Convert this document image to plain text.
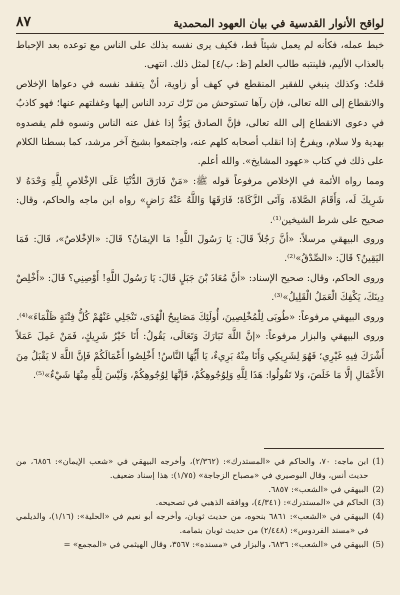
لواقح الأنوار القدسية في بيان العهود المحمدية
٨٧

خبط عمله، فكأنه لم يعمل شيئاً قط، فكيف يرى نفسه بذلك على الناس مع توعده بعد الإحباط بالعذاب الأليم، فلينتبه طالب العلم [ظ: ب/٤] لمثل ذلك. انتهى.

قلتُ: وكذلك ينبغي للفقير المنقطع في كهف أو زاوية، أنْ يتفقد نفسه في دعواها الإخلاص والانقطاع إلى الله تعالى، فإن رآها تستوحش من تَرْك تردد الناس إليها وغفلتهم عنها؛ فهو كاذبٌ في دعوى الانقطاع إلى الله تعالى، فإنَّ الصادق يَوَدُّ إذا غفل عنه الناس ونسوه فلم يقصدوه بهدية ولا سلام، ويفرحُ إذا انقلب أصحابه كلهم عنه، واجتمعوا بشيخ آخر مرشد، كما بسطنا الكلام على ذلك في كتاب «عهود المشايخ». والله أعلم.

ومما رواه الأئمة في الإخلاص مرفوعاً قوله ﷺ: «مَنْ فَارَقَ الدُّنْيَا عَلَى الإخْلاصِ لِلَّهِ وَحْدَهُ لا شَرِيكَ لَه، وَأَقَامَ الصَّلاةَ، وَآتَى الزَّكَاةَ؛ فَارَقَهَا وَاللَّهُ عَنْهُ رَاضٍ» رواه ابن ماجه والحاكم، وقال: صحيح على شرط الشيخين⁽¹⁾.

وروى البيهقي مرسلاً: «أنَّ رَجُلاً قَالَ: يَا رَسُولَ اللَّهِ! مَا الإيمَانُ؟ قَالَ: «الإخْلاصُ»، قَالَ: فَمَا اليَقِينُ؟ قَالَ: «الصِّدْقُ»⁽²⁾.

وروى الحاكم، وقال: صحيح الإسناد: «أنَّ مُعَاذَ بْنَ جَبَلٍ قَالَ: يَا رَسُولَ اللَّهِ! أَوْصِنِي؟ قَالَ: «أَخْلِصْ دِينَكَ، يَكْفِكَ الْعَمَلُ الْقَلِيلُ»⁽³⁾.

وروى البيهقي مرفوعاً: «طُوبَى لِلْمُخْلِصِينَ، أُولَئِكَ مَصَابِيحُ الْهُدَى، تَنْجَلِي عَنْهُمْ كُلُّ فِتْنَةٍ ظَلْمَاءَ»⁽⁴⁾.

وروى البيهقي والبزار مرفوعاً: «إنَّ اللَّهَ تَبَارَكَ وَتَعَالَى، يَقُولُ: أَنَا خَيْرُ شَرِيكٍ، فَمَنْ عَمِلَ عَمَلاً أَشْرَكَ فِيهِ غَيْرِي؛ فَهُوَ لِشَرِيكِي وَأَنَا مِنْهُ بَرِيءٌ، يَا أَيُّهَا النَّاسُ! أَخْلِصُوا أَعْمَالَكُمْ فَإنَّ اللَّهَ لا يَقْبَلُ مِنَ الأَعْمَالِ إلَّا مَا خَلَصَ، وَلا تَقُولُوا: هَذَا لِلَّهِ وَلِوُجُوهِكُمْ، فَإنَّهَا لِوُجُوهِكُمْ، وَلَيْسَ لِلَّهِ مِنْهَا شَيْءٌ»⁽⁵⁾.

(1)
ابن ماجه: ٧٠، والحاكم في «المستدرك»: (٢/٣٦٢)، وأخرجه البيهقي في «شعب الإيمان»: ٦٨٥٦، من حديث أنس، وقال البوصيري في «مصباح الزجاجة» (١/٧٥): هذا إسناد ضعيف.
(2)
البيهقي في «الشعب»: ٦٨٥٧.
(3)
الحاكم في «المستدرك»: (٤/٣٤١)، ووافقه الذهبي في تصحيحه.
(4)
البيهقي في «الشعب»: ٦٨٦١ بنحوه، من حديث ثوبان، وأخرجه أبو نعيم في «الحلية»: (١/١٦)، والديلمي في «مسند الفردوس»: (٢/٤٤٨) من حديث ثوبان بتمامه.
(5)
البيهقي في «الشعب»: ٦٨٣٦، والبزار في «مسنده»: ٣٥٦٧، وقال الهيثمي في «المجمع» =
